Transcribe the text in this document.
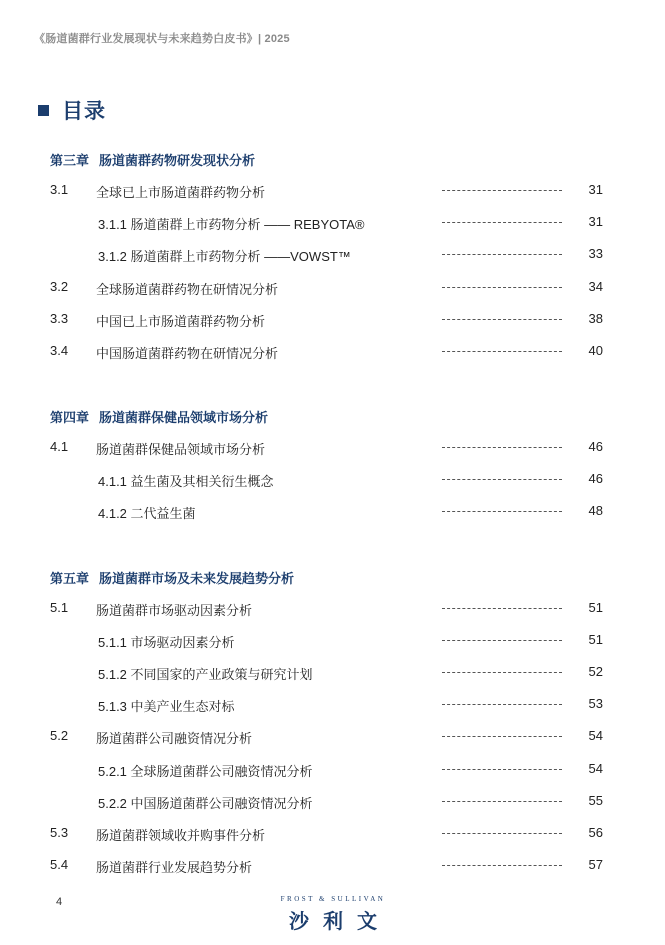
《肠道菌群行业发展现状与未来趋势白皮书》| 2025
目录
第三章 肠道菌群药物研发现状分析
3.1 全球已上市肠道菌群药物分析	31
3.1.1 肠道菌群上市药物分析 —— REBYOTA®	31
3.1.2 肠道菌群上市药物分析 ——VOWST™	33
3.2 全球肠道菌群药物在研情况分析	34
3.3 中国已上市肠道菌群药物分析	38
3.4 中国肠道菌群药物在研情况分析	40
第四章 肠道菌群保健品领域市场分析
4.1 肠道菌群保健品领域市场分析	46
4.1.1 益生菌及其相关衍生概念	46
4.1.2 二代益生菌	48
第五章 肠道菌群市场及未来发展趋势分析
5.1 肠道菌群市场驱动因素分析	51
5.1.1 市场驱动因素分析	51
5.1.2 不同国家的产业政策与研究计划	52
5.1.3 中美产业生态对标	53
5.2 肠道菌群公司融资情况分析	54
5.2.1 全球肠道菌群公司融资情况分析	54
5.2.2 中国肠道菌群公司融资情况分析	55
5.3 肠道菌群领域收并购事件分析	56
5.4 肠道菌群行业发展趋势分析	57
4	FROST & SULLIVAN
沙利文
